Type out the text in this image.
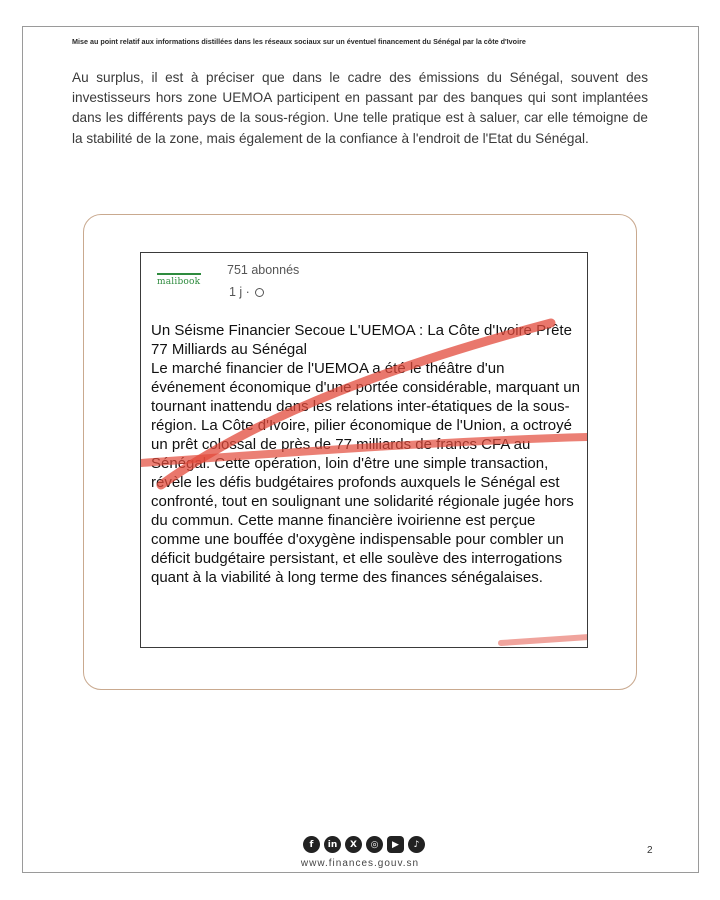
Mise au point relatif aux informations distillées dans les réseaux sociaux sur un éventuel financement du Sénégal par la côte d'Ivoire

Au surplus, il est à préciser que dans le cadre des émissions du Sénégal, souvent des investisseurs hors zone UEMOA participent en passant par des banques qui sont implantées dans les différents pays de la sous-région. Une telle pratique est à saluer, car elle témoigne de la stabilité de la zone, mais également de la confiance à l'endroit de l'Etat du Sénégal.

malibook
751 abonnés
1 j ·

Un Séisme Financier Secoue L'UEMOA : La Côte d'Ivoire Prête 77 Milliards au Sénégal

Le marché financier de l'UEMOA a été le théâtre d'un événement économique d'une portée considérable, marquant un tournant inattendu dans les relations inter-étatiques de la sous-région. La Côte d'Ivoire, pilier économique de l'Union, a octroyé un prêt colossal de près de 77 milliards de francs CFA au Sénégal. Cette opération, loin d'être une simple transaction, révèle les défis budgétaires profonds auxquels le Sénégal est confronté, tout en soulignant une solidarité régionale jugée hors du commun. Cette manne financière ivoirienne est perçue comme une bouffée d'oxygène indispensable pour combler un déficit budgétaire persistant, et elle soulève des interrogations quant à la viabilité à long terme des finances sénégalaises.

f	in	X	◎	▶	♪
www.finances.gouv.sn
2
